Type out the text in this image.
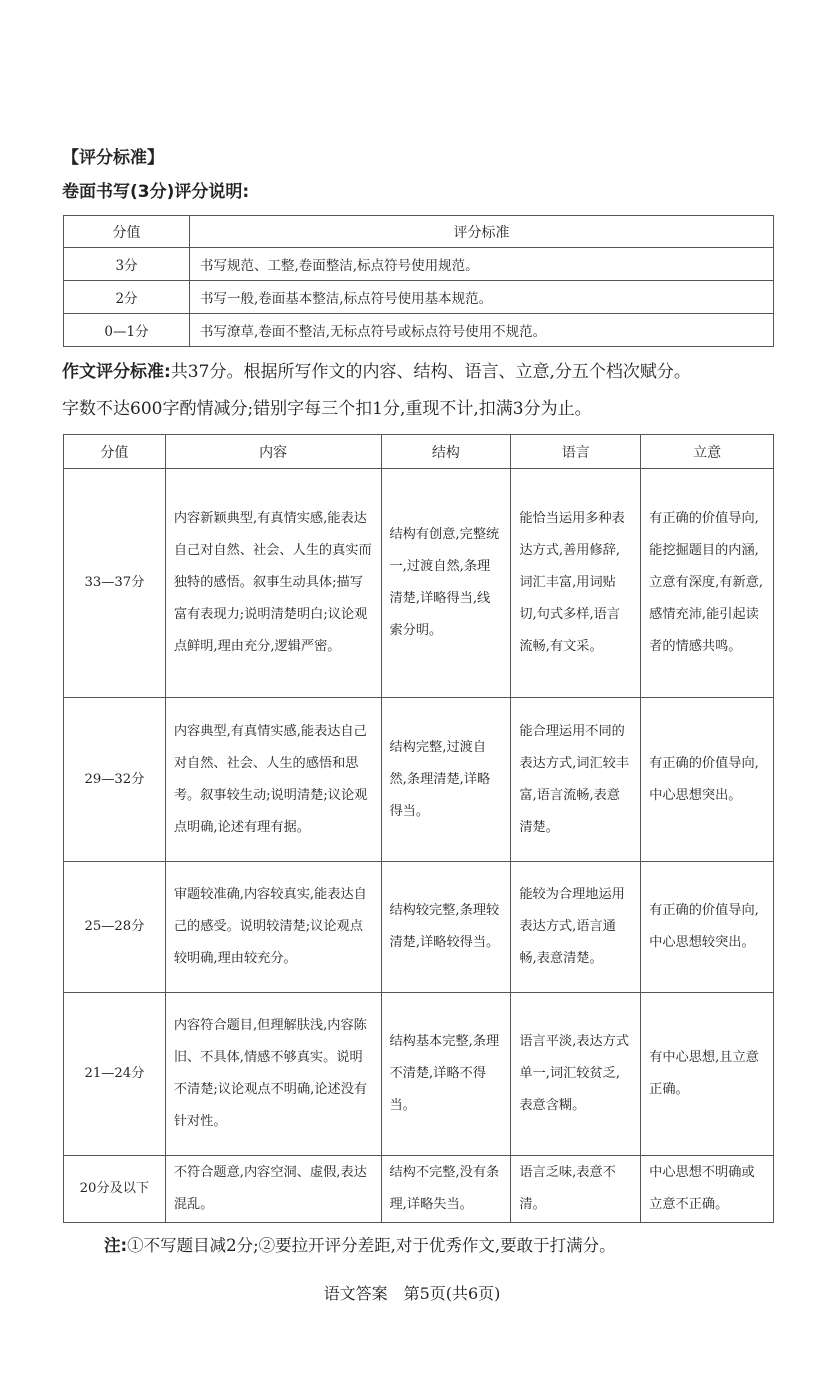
【评分标准】
卷面书写(3分)评分说明:
分值	评分标准
3分	书写规范、工整,卷面整洁,标点符号使用规范。
2分	书写一般,卷面基本整洁,标点符号使用基本规范。
0—1分	书写潦草,卷面不整洁,无标点符号或标点符号使用不规范。
作文评分标准:共37分。根据所写作文的内容、结构、语言、立意,分五个档次赋分。
字数不达600字酌情减分;错别字每三个扣1分,重现不计,扣满3分为止。
分值	内容	结构	语言	立意
33—37分	内容新颖典型,有真情实感,能表达自己对自然、社会、人生的真实而独特的感悟。叙事生动具体;描写富有表现力;说明清楚明白;议论观点鲜明,理由充分,逻辑严密。	结构有创意,完整统一,过渡自然,条理清楚,详略得当,线索分明。	能恰当运用多种表达方式,善用修辞,词汇丰富,用词贴切,句式多样,语言流畅,有文采。	有正确的价值导向,能挖掘题目的内涵,立意有深度,有新意,感情充沛,能引起读者的情感共鸣。
29—32分	内容典型,有真情实感,能表达自己对自然、社会、人生的感悟和思考。叙事较生动;说明清楚;议论观点明确,论述有理有据。	结构完整,过渡自然,条理清楚,详略得当。	能合理运用不同的表达方式,词汇较丰富,语言流畅,表意清楚。	有正确的价值导向,中心思想突出。
25—28分	审题较准确,内容较真实,能表达自己的感受。说明较清楚;议论观点较明确,理由较充分。	结构较完整,条理较清楚,详略较得当。	能较为合理地运用表达方式,语言通畅,表意清楚。	有正确的价值导向,中心思想较突出。
21—24分	内容符合题目,但理解肤浅,内容陈旧、不具体,情感不够真实。说明不清楚;议论观点不明确,论述没有针对性。	结构基本完整,条理不清楚,详略不得当。	语言平淡,表达方式单一,词汇较贫乏,表意含糊。	有中心思想,且立意正确。
20分及以下	不符合题意,内容空洞、虚假,表达混乱。	结构不完整,没有条理,详略失当。	语言乏味,表意不清。	中心思想不明确或立意不正确。
注:①不写题目减2分;②要拉开评分差距,对于优秀作文,要敢于打满分。
语文答案　第5页(共6页)
